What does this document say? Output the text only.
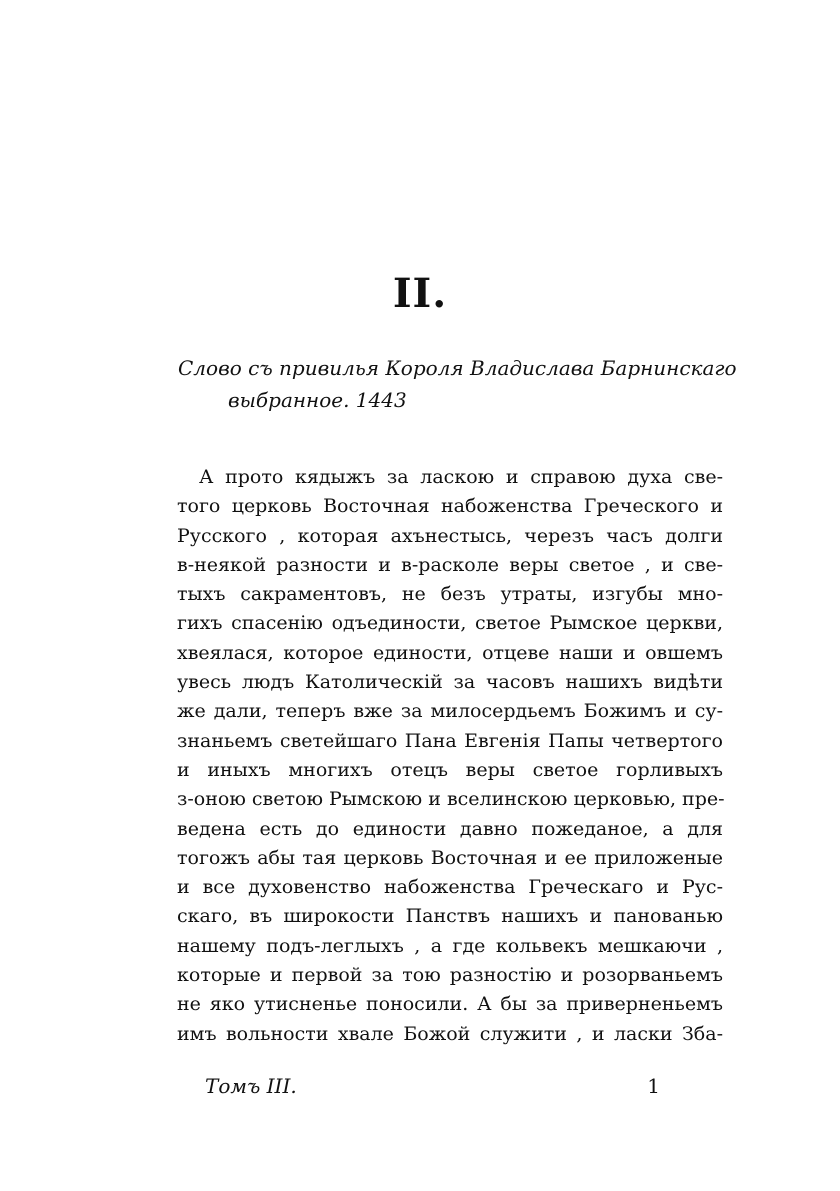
II.
Слово съ привилья Короля Владислава Барнинскаго
выбранное. 1443
А прото кядыжъ за ласкою и справою духа све-
того церковь Восточная набоженства Греческого и
Русского , которая ахънестысь, черезъ часъ долги
в-неякой разности и в-расколе веры светое , и све-
тыхъ сакраментовъ, не безъ утраты, изгубы мно-
гихъ спасенiю одъединости, светое Рымское церкви,
хвеялася, которое единости, отцеве наши и овшемъ
увесь людъ Католическiй за часовъ нашихъ видѣти
же дали, теперъ вже за милосердьемъ Божимъ и су-
знаньемъ светейшаго Пана Евгенiя Папы четвертого
и иныхъ многихъ отецъ веры светое горливыхъ
з-оною светою Рымскою и вселинскою церковью, пре-
ведена есть до единости давно пожеданое, а для
тогожъ абы тая церковь Восточная и ее приложеные
и все духовенство набоженства Греческаго и Рус-
скаго, въ широкости Панствъ нашихъ и панованью
нашему подъ-леглыхъ , а где кольвекъ мешкаючи ,
которые и первой за тою разностiю и розорваньемъ
не яко утисненье поносили. А бы за приверненьемъ
имъ вольности хвале Божой служити , и ласки Зба-
Томъ III.	1
